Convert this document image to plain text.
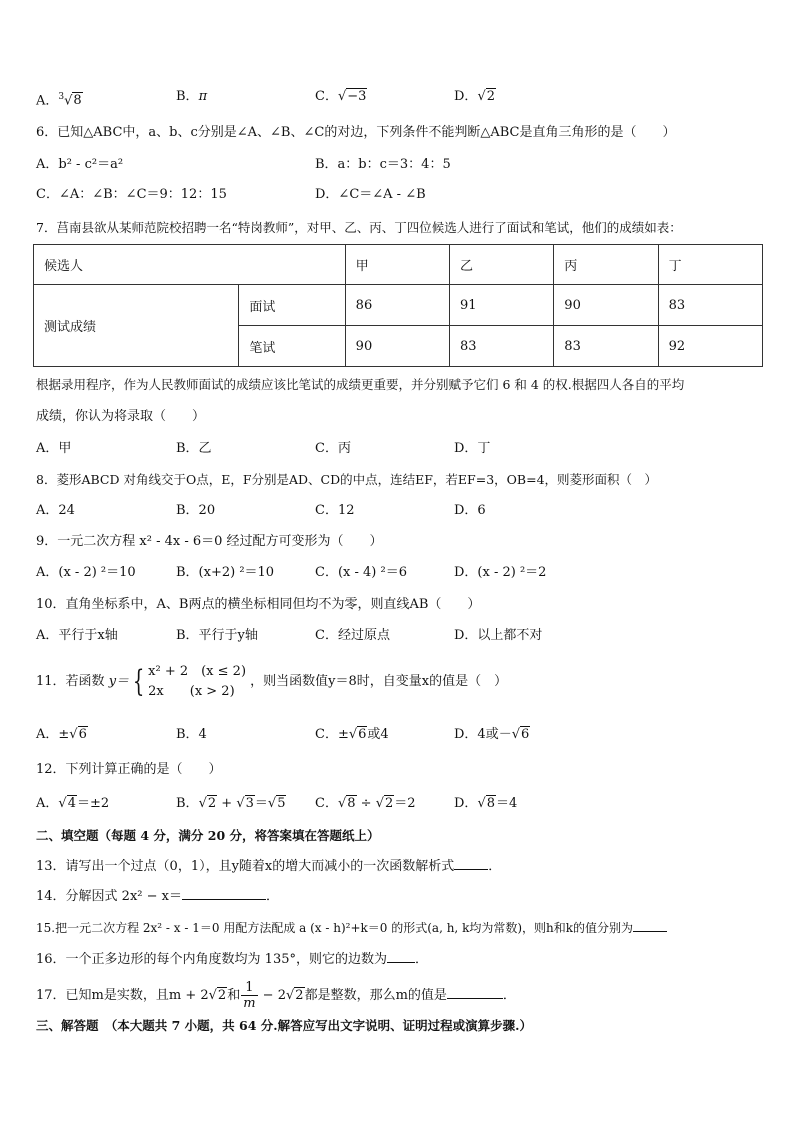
A．$^3$√8	B．π	C．√−3	D．√2
6．已知△ABC中，a、b、c分别是∠A、∠B、∠C的对边，下列条件不能判断△ABC是直角三角形的是（　　）
A．b² - c²＝a²	B．a：b：c＝3：4：5
C．∠A：∠B：∠C＝9：12：15	D．∠C＝∠A - ∠B
7．莒南县欲从某师范院校招聘一名“特岗教师”，对甲、乙、丙、丁四位候选人进行了面试和笔试，他们的成绩如表：
候选人		甲	乙	丙	丁
测试成绩	面试	86	91	90	83
	笔试	90	83	83	92
根据录用程序，作为人民教师面试的成绩应该比笔试的成绩更重要，并分别赋予它们 6 和 4 的权.根据四人各自的平均
成绩，你认为将录取（　　）
A．甲	B．乙	C．丙	D．丁
8．菱形ABCD 对角线交于O点，E，F分别是AD、CD的中点，连结EF，若EF=3，OB=4，则菱形面积（　）
A．24	B．20	C．12	D．6
9．一元二次方程 x² - 4x - 6＝0 经过配方可变形为（　　）
A．(x - 2) ²＝10	B．(x+2) ²＝10	C．(x - 4) ²＝6	D．(x - 2) ²＝2
10．直角坐标系中，A、B两点的横坐标相同但均不为零，则直线AB（　　）
A．平行于x轴	B．平行于y轴	C．经过原点	D．以上都不对
11．若函数 y＝ { x² + 2　(x ≤ 2)
2x　　(x > 2)
，则当函数值y＝8时，自变量x的值是（　）
A．±√6	B．4	C．±√6或4	D．4或－√6
12．下列计算正确的是（　　）
A．√4＝±2	B．√2 + √3＝√5 C．√8 ÷ √2＝2	D．√8＝4
二、填空题（每题 4 分，满分 20 分，将答案填在答题纸上）
13．请写出一个过点（0，1），且y随着x的增大而减小的一次函数解析式	．
14．分解因式 2x² − x＝	．
15.把一元二次方程 2x² - x - 1＝0 用配方法配成 a (x - h)²+k＝0 的形式(a, h, k均为常数)，则h和k的值分别为
16．一个正多边形的每个内角度数均为 135°，则它的边数为 ．
17．已知m是实数，且m + 2√2和 $\frac{1}{m} - 2√2$都是整数，那么m的值是	．
三、解答题　（本大题共 7 小题，共 64 分.解答应写出文字说明、证明过程或演算步骤.）
